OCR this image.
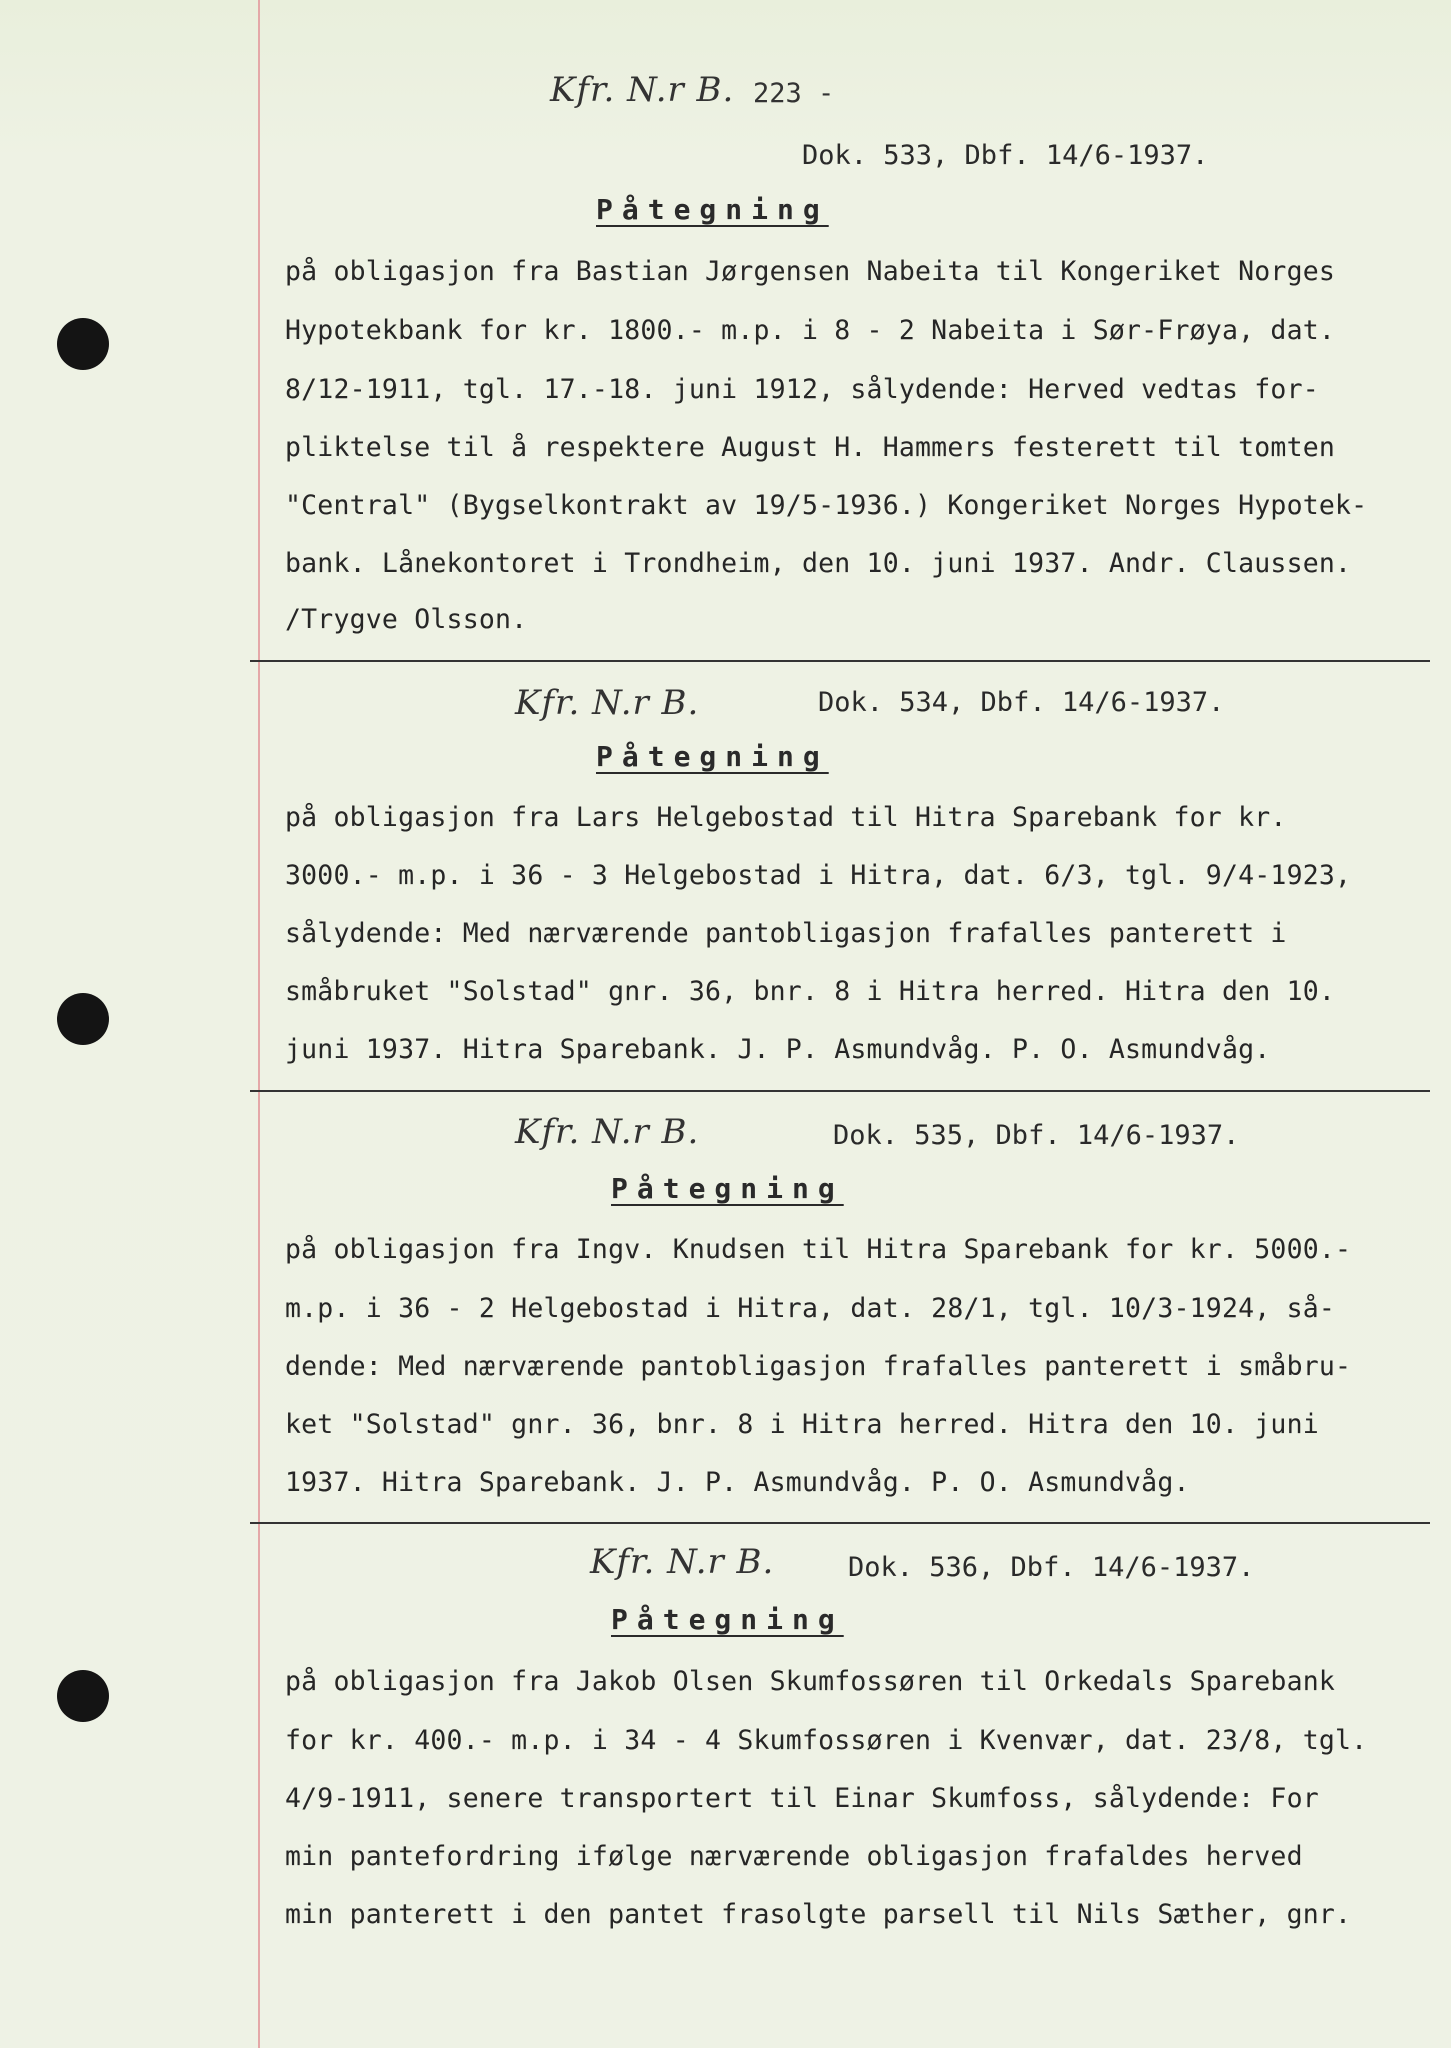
223 -
Kfr. N.r B.
Dok. 533, Dbf. 14/6-1937.
Påtegning
på obligasjon fra Bastian Jørgensen Nabeita til Kongeriket Norges
Hypotekbank for kr. 1800.- m.p. i 8 - 2 Nabeita i Sør-Frøya, dat.
8/12-1911, tgl. 17.-18. juni 1912, sålydende: Herved vedtas for-
pliktelse til å respektere August H. Hammers festerett til tomten
"Central" (Bygselkontrakt av 19/5-1936.) Kongeriket Norges Hypotek-
bank. Lånekontoret i Trondheim, den 10. juni 1937. Andr. Claussen.
/Trygve Olsson.
Kfr. N.r B.	Dok. 534, Dbf. 14/6-1937.
Påtegning
på obligasjon fra Lars Helgebostad til Hitra Sparebank for kr.
3000.- m.p. i 36 - 3 Helgebostad i Hitra, dat. 6/3, tgl. 9/4-1923,
sålydende: Med nærværende pantobligasjon frafalles panterett i
småbruket "Solstad" gnr. 36, bnr. 8 i Hitra herred. Hitra den 10.
juni 1937. Hitra Sparebank. J. P. Asmundvåg. P. O. Asmundvåg.
Kfr. N.r B.	Dok. 535, Dbf. 14/6-1937.
Påtegning
på obligasjon fra Ingv. Knudsen til Hitra Sparebank for kr. 5000.-
m.p. i 36 - 2 Helgebostad i Hitra, dat. 28/1, tgl. 10/3-1924, så-
dende: Med nærværende pantobligasjon frafalles panterett i småbru-
ket "Solstad" gnr. 36, bnr. 8 i Hitra herred. Hitra den 10. juni
1937. Hitra Sparebank. J. P. Asmundvåg. P. O. Asmundvåg.
Kfr. N.r B.	Dok. 536, Dbf. 14/6-1937.
Påtegning
på obligasjon fra Jakob Olsen Skumfossøren til Orkedals Sparebank
for kr. 400.- m.p. i 34 - 4 Skumfossøren i Kvenvær, dat. 23/8, tgl.
4/9-1911, senere transportert til Einar Skumfoss, sålydende: For
min pantefordring ifølge nærværende obligasjon frafaldes herved
min panterett i den pantet frasolgte parsell til Nils Sæther, gnr.
